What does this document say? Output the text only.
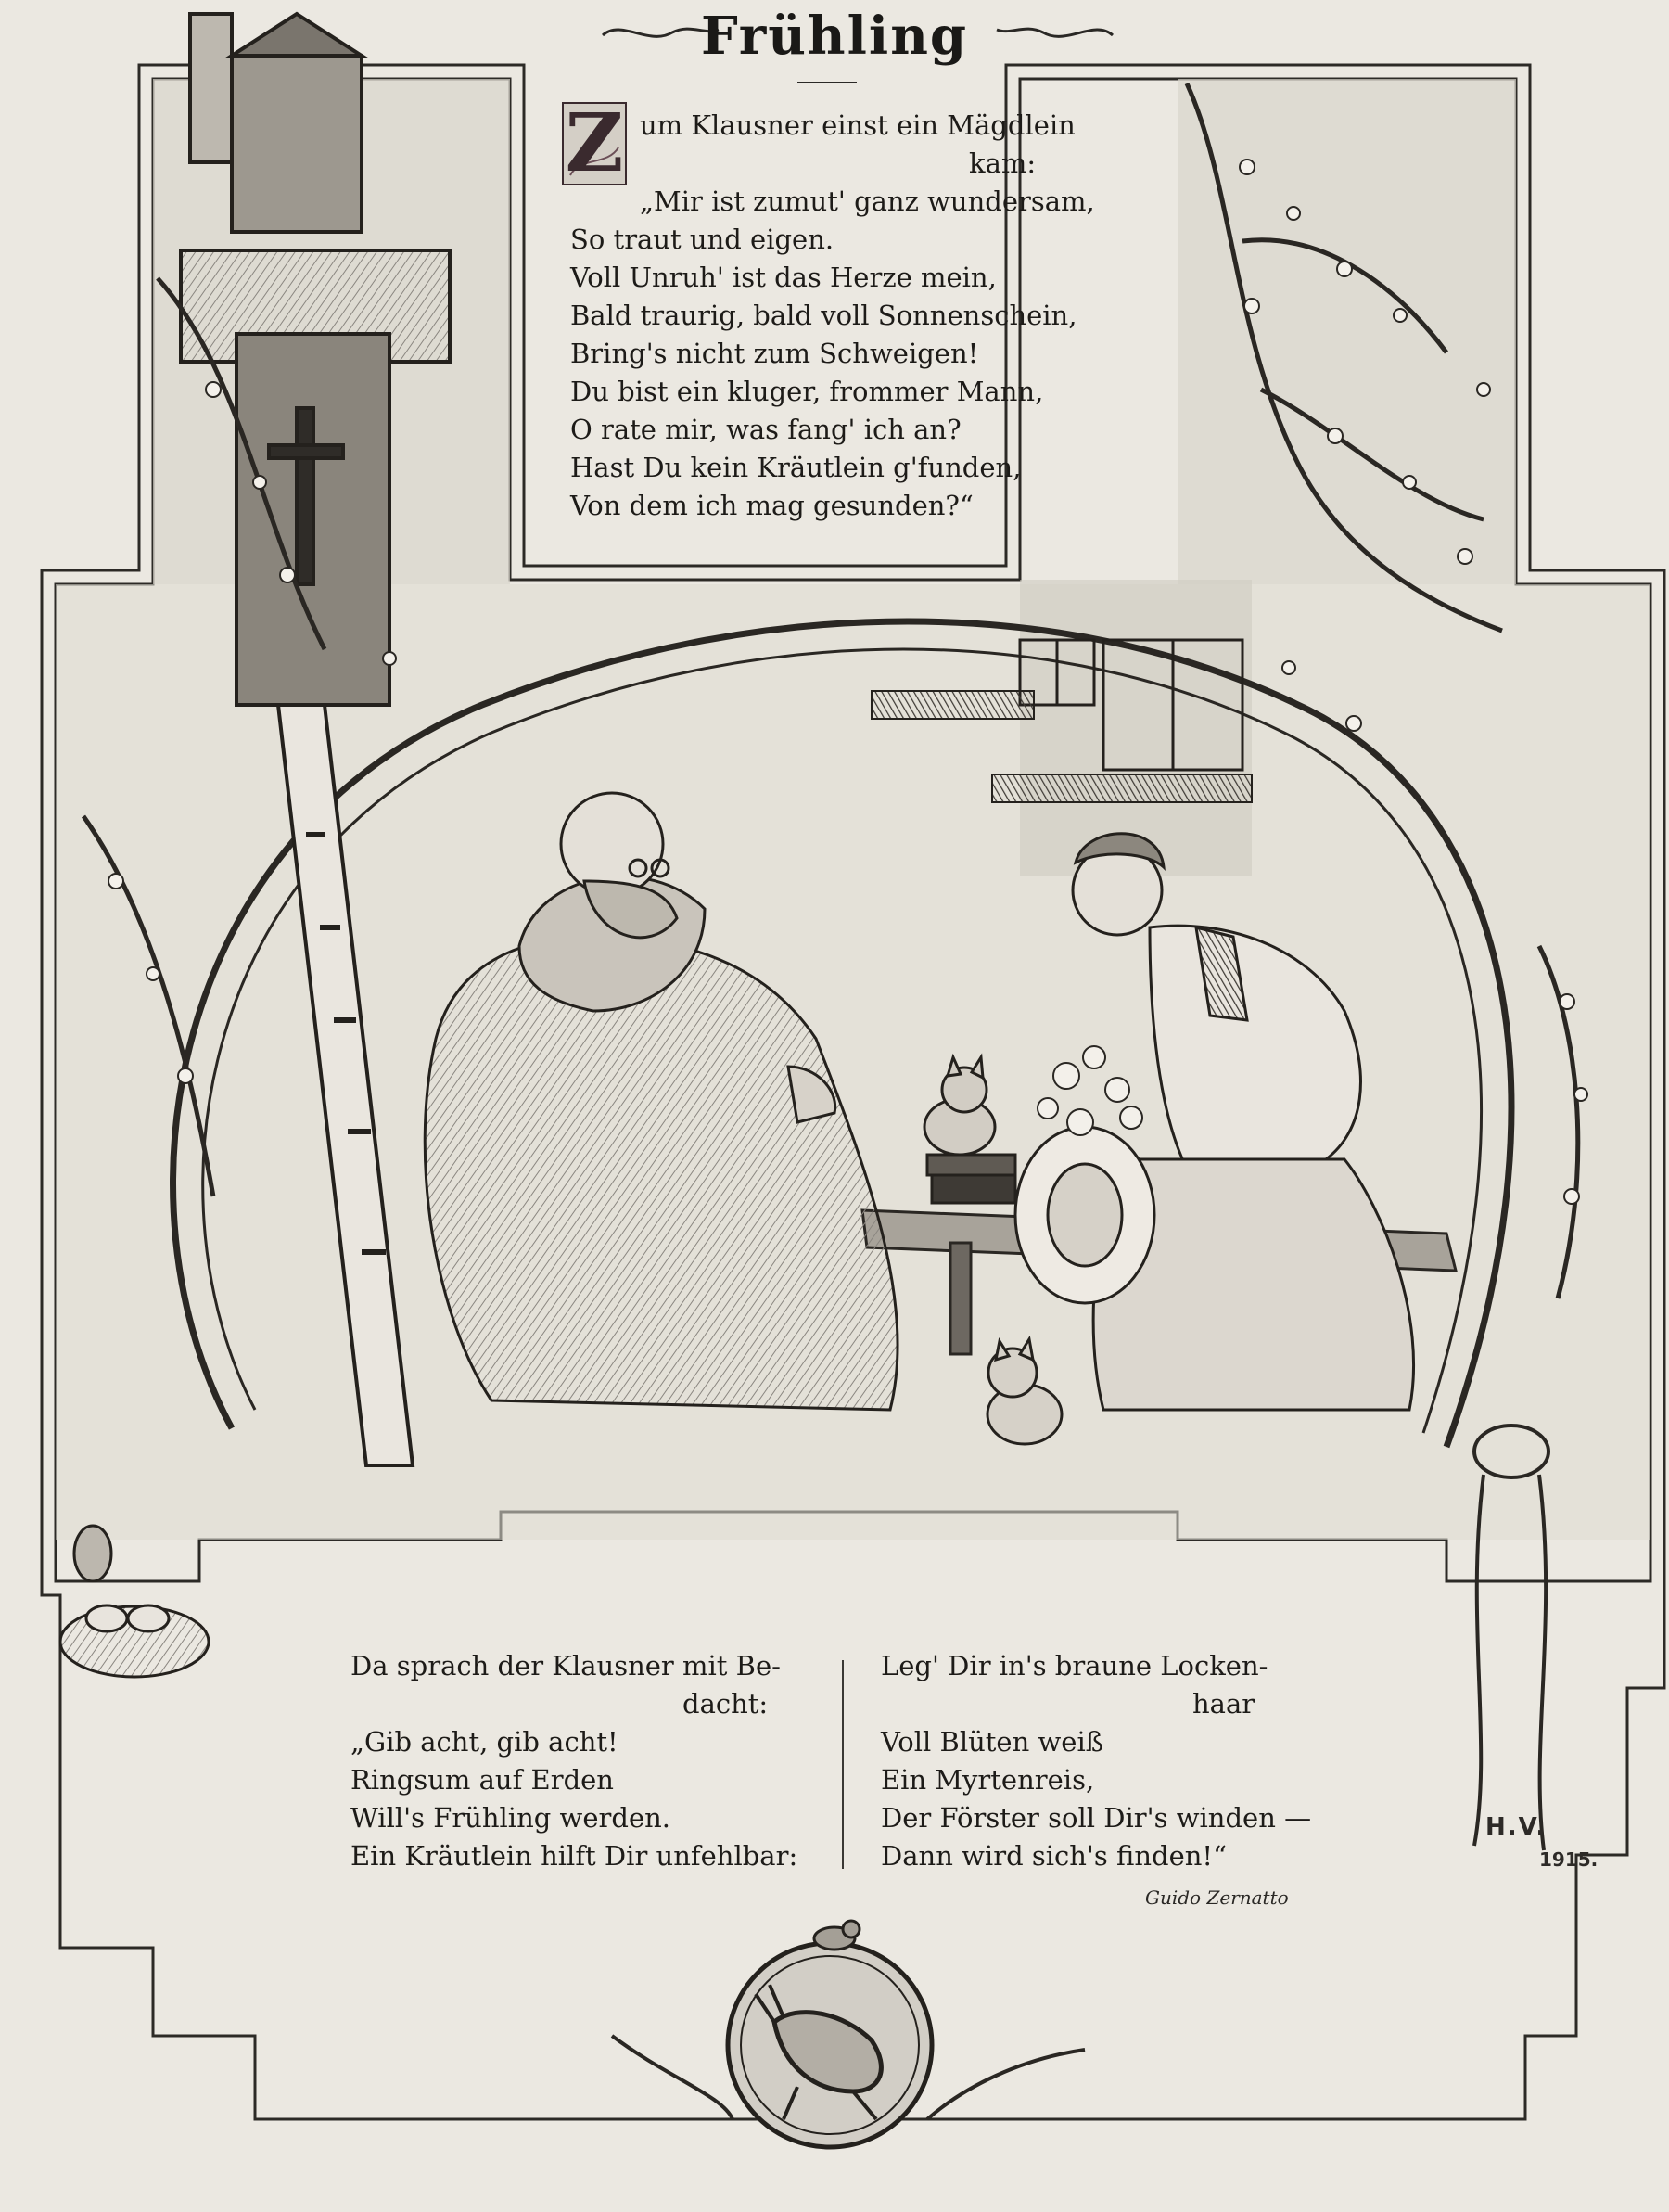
Frühling
Z um Klausner einst ein Mägdlein
kam:
„Mir ist zumut' ganz wundersam,
So traut und eigen.
Voll Unruh' ist das Herze mein,
Bald traurig, bald voll Sonnenschein,
Bring's nicht zum Schweigen!
Du bist ein kluger, frommer Mann,
O rate mir, was fang' ich an?
Hast Du kein Kräutlein g'funden,
Von dem ich mag gesunden?“
Da sprach der Klausner mit Be-
dacht:
„Gib acht, gib acht!
Ringsum auf Erden
Will's Frühling werden.
Ein Kräutlein hilft Dir unfehlbar:
Leg' Dir in's braune Locken-
haar
Voll Blüten weiß
Ein Myrtenreis,
Der Förster soll Dir's winden —
Dann wird sich's finden!“
Guido Zernatto
H.V.
1915.
